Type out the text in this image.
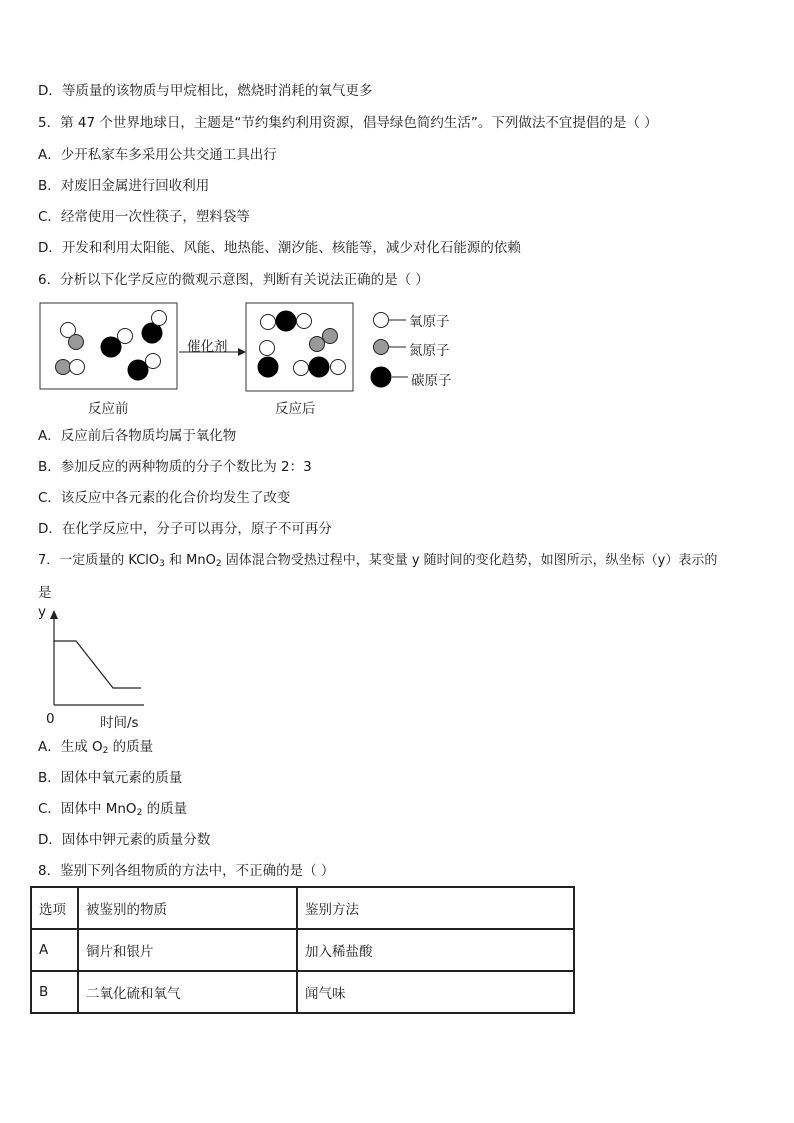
D．等质量的该物质与甲烷相比，燃烧时消耗的氧气更多
5．第 47 个世界地球日，主题是“节约集约利用资源，倡导绿色简约生活”。下列做法不宜提倡的是（ ）
A．少开私家车多采用公共交通工具出行
B．对废旧金属进行回收利用
C．经常使用一次性筷子，塑料袋等
D．开发和利用太阳能、风能、地热能、潮汐能、核能等，减少对化石能源的依赖
6．分析以下化学反应的微观示意图，判断有关说法正确的是（ ）
催化剂
反应前	反应后
氧原子
氮原子
碳原子
A．反应前后各物质均属于氧化物
B．参加反应的两种物质的分子个数比为 2：3
C．该反应中各元素的化合价均发生了改变
D．在化学反应中，分子可以再分，原子不可再分
7．一定质量的 KClO$_3$ 和 MnO$_2$ 固体混合物受热过程中，某变量 y 随时间的变化趋势，如图所示，纵坐标（y）表示的
是
y
0	时间/s
A．生成 $O_2$ 的质量
B．固体中氧元素的质量
C．固体中 MnO$_2$ 的质量
D．固体中钾元素的质量分数
8．鉴别下列各组物质的方法中，不正确的是（ ）
选项	被鉴别的物质	鉴别方法
A	铜片和银片	加入稀盐酸
B	二氧化硫和氧气	闻气味
